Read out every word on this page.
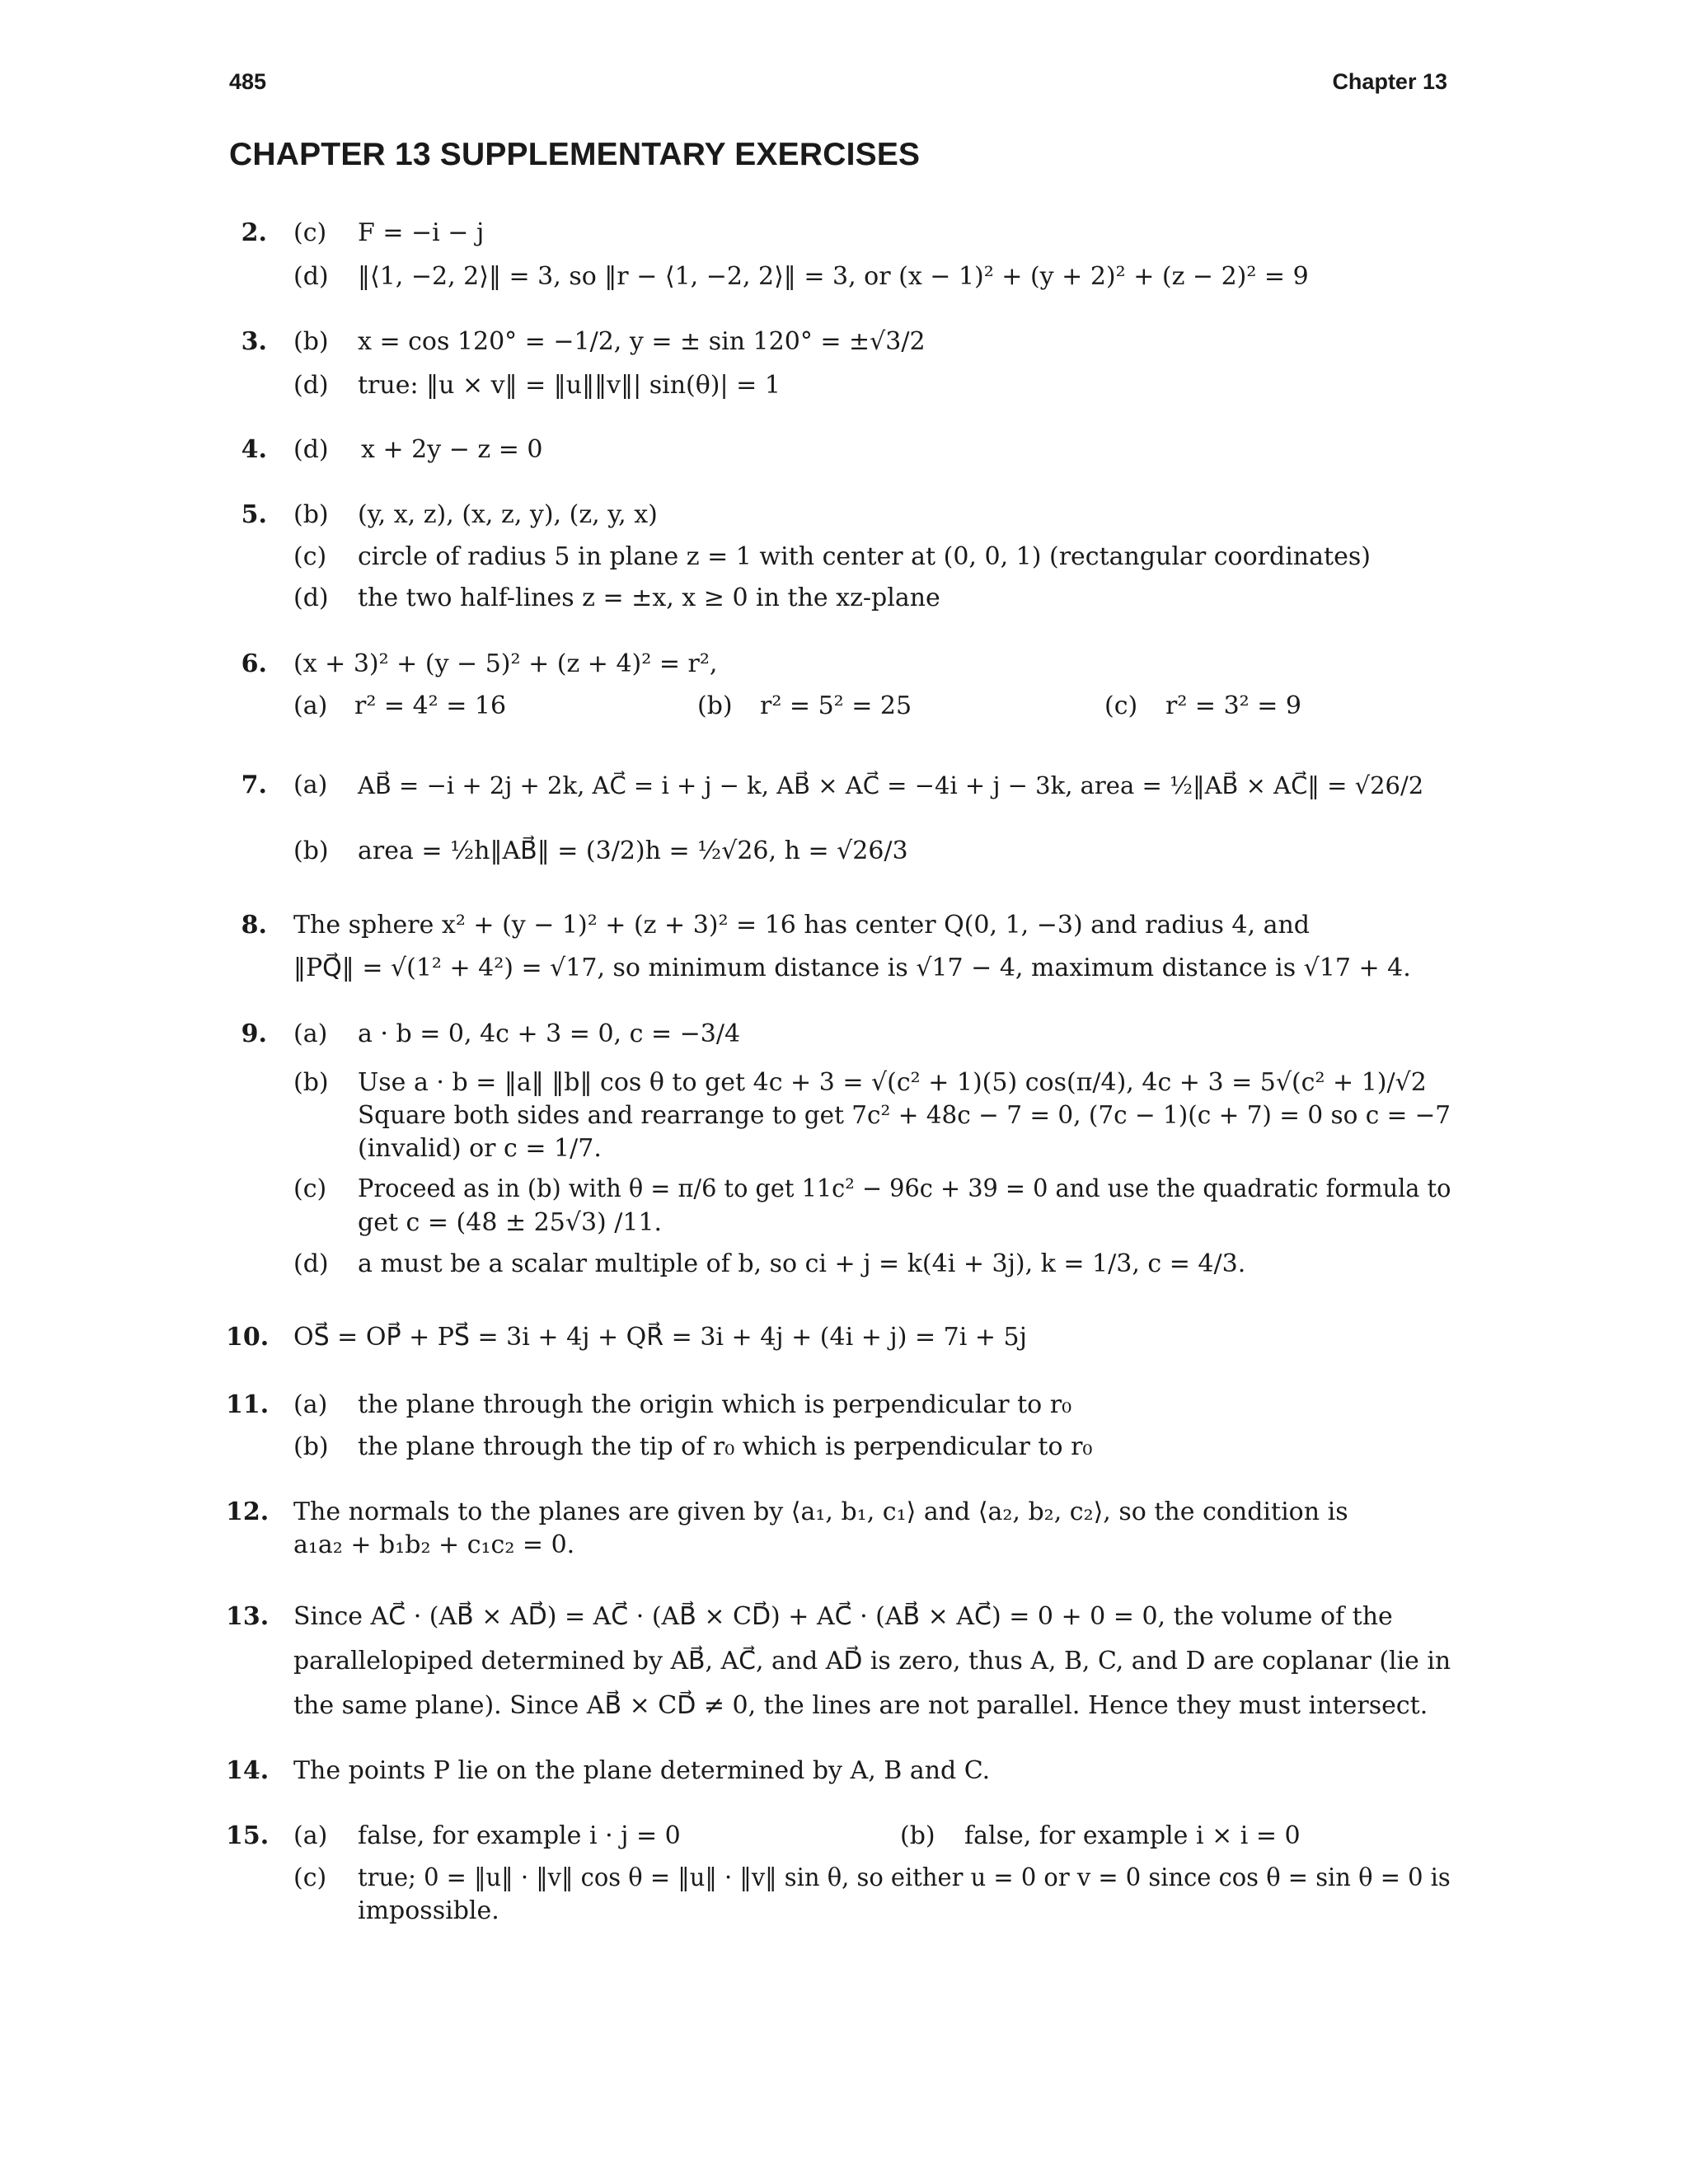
485	Chapter 13
CHAPTER 13 SUPPLEMENTARY EXERCISES
2. (c) F = −i − j
(d) ‖⟨1, −2, 2⟩‖ = 3, so ‖r − ⟨1, −2, 2⟩‖ = 3, or (x − 1)² + (y + 2)² + (z − 2)² = 9
3. (b) x = cos 120° = −1/2, y = ± sin 120° = ±√3/2
(d) true: ‖u × v‖ = ‖u‖‖v‖| sin(θ)| = 1
4. (d) x + 2y − z = 0
5. (b) (y, x, z), (x, z, y), (z, y, x)
(c) circle of radius 5 in plane z = 1 with center at (0, 0, 1) (rectangular coordinates)
(d) the two half-lines z = ±x, x ≥ 0 in the xz-plane
6. (x + 3)² + (y − 5)² + (z + 4)² = r²,
(a) r² = 4² = 16	(b) r² = 5² = 25	(c) r² = 3² = 9
7. (a) AB⃗ = −i + 2j + 2k, AC⃗ = i + j − k, AB⃗ × AC⃗ = −4i + j − 3k, area = ½‖AB⃗ × AC⃗‖ = √26/2
(b) area = ½h‖AB⃗‖ = (3/2)h = ½√26, h = √26/3
8. The sphere x² + (y − 1)² + (z + 3)² = 16 has center Q(0, 1, −3) and radius 4, and
‖PQ⃗‖ = √(1² + 4²) = √17, so minimum distance is √17 − 4, maximum distance is √17 + 4.
9. (a) a · b = 0, 4c + 3 = 0, c = −3/4
(b) Use a · b = ‖a‖ ‖b‖ cos θ to get 4c + 3 = √(c² + 1)(5) cos(π/4), 4c + 3 = 5√(c² + 1)/√2
Square both sides and rearrange to get 7c² + 48c − 7 = 0, (7c − 1)(c + 7) = 0 so c = −7
(invalid) or c = 1/7.
(c) Proceed as in (b) with θ = π/6 to get 11c² − 96c + 39 = 0 and use the quadratic formula to
get c = (48 ± 25√3) /11.
(d) a must be a scalar multiple of b, so ci + j = k(4i + 3j), k = 1/3, c = 4/3.
10. OS⃗ = OP⃗ + PS⃗ = 3i + 4j + QR⃗ = 3i + 4j + (4i + j) = 7i + 5j
11. (a) the plane through the origin which is perpendicular to r₀
(b) the plane through the tip of r₀ which is perpendicular to r₀
12. The normals to the planes are given by ⟨a₁, b₁, c₁⟩ and ⟨a₂, b₂, c₂⟩, so the condition is
a₁a₂ + b₁b₂ + c₁c₂ = 0.
13. Since AC⃗ · (AB⃗ × AD⃗) = AC⃗ · (AB⃗ × CD⃗) + AC⃗ · (AB⃗ × AC⃗) = 0 + 0 = 0, the volume of the
parallelopiped determined by AB⃗, AC⃗, and AD⃗ is zero, thus A, B, C, and D are coplanar (lie in
the same plane). Since AB⃗ × CD⃗ ≠ 0, the lines are not parallel. Hence they must intersect.
14. The points P lie on the plane determined by A, B and C.
15. (a) false, for example i · j = 0	(b) false, for example i × i = 0
(c) true; 0 = ‖u‖ · ‖v‖ cos θ = ‖u‖ · ‖v‖ sin θ, so either u = 0 or v = 0 since cos θ = sin θ = 0 is
impossible.
